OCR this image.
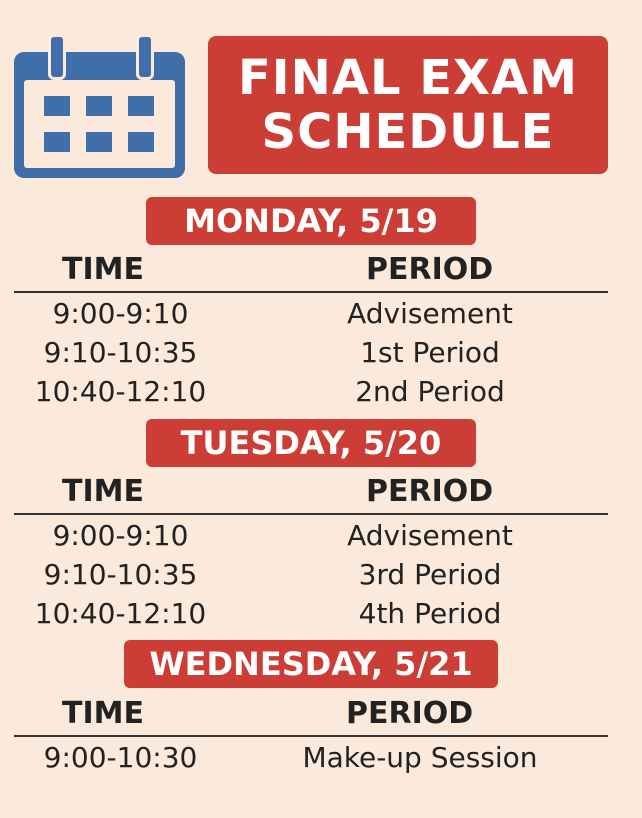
FINAL EXAM
SCHEDULE
MONDAY, 5/19
TIME	PERIOD
9:00-9:10	Advisement
9:10-10:35	1st Period
10:40-12:10	2nd Period
TUESDAY, 5/20
TIME	PERIOD
9:00-9:10	Advisement
9:10-10:35	3rd Period
10:40-12:10	4th Period
WEDNESDAY, 5/21
TIME	PERIOD
9:00-10:30	Make-up Session
